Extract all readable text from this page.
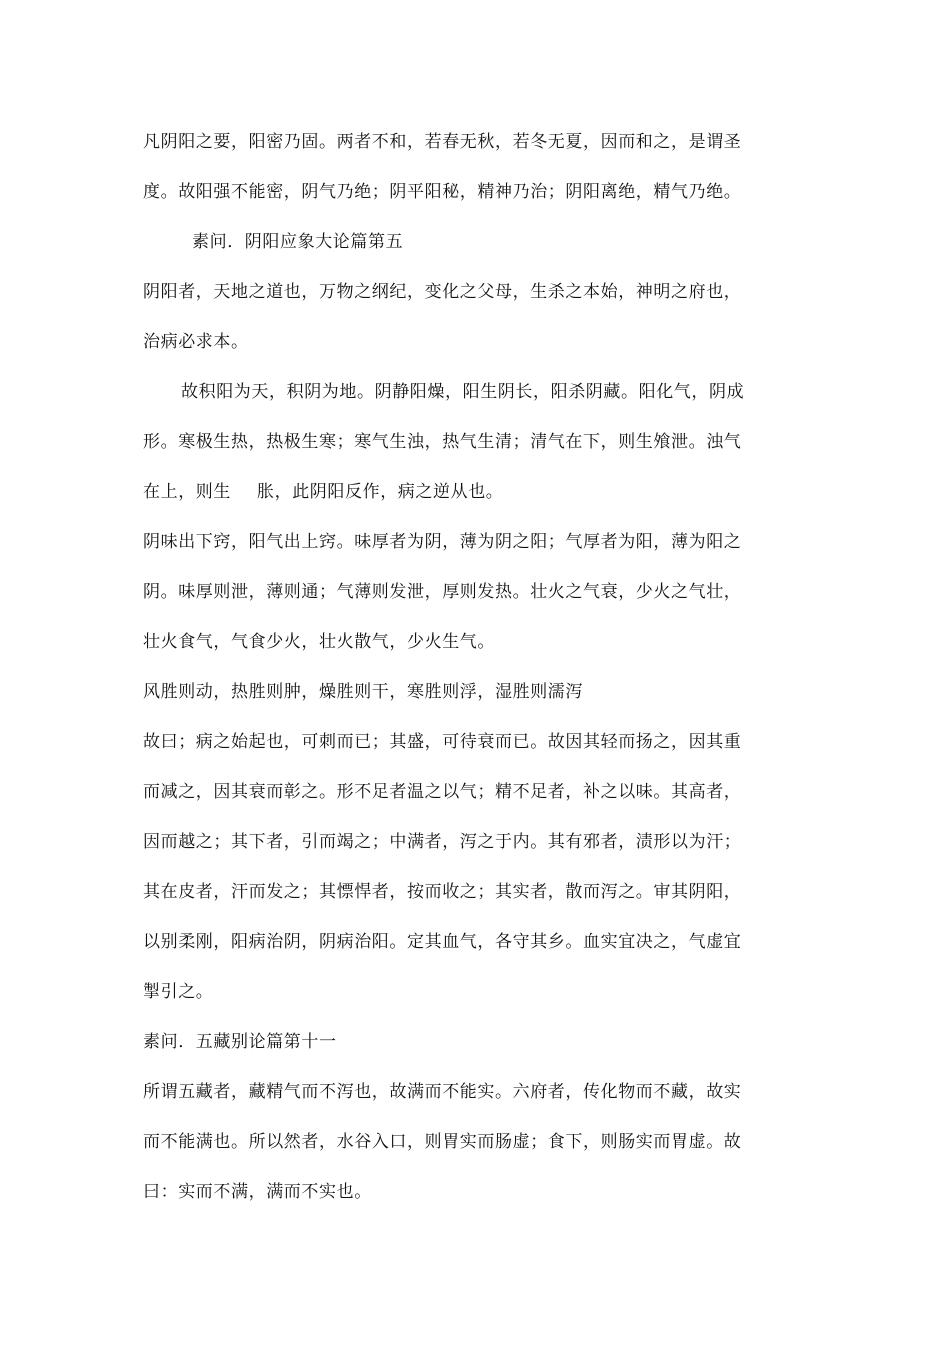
凡阴阳之要，阳密乃固。两者不和，若春无秋，若冬无夏，因而和之，是谓圣
度。故阳强不能密，阴气乃绝；阴平阳秘，精神乃治；阴阳离绝，精气乃绝。
素问．阴阳应象大论篇第五
阴阳者，天地之道也，万物之纲纪，变化之父母，生杀之本始，神明之府也，
治病必求本。
故积阳为天，积阴为地。阴静阳燥，阳生阴长，阳杀阴藏。阳化气，阴成
形。寒极生热，热极生寒；寒气生浊，热气生清；清气在下，则生飧泄。浊气
在上，则生 胀，此阴阳反作，病之逆从也。
阴味出下窍，阳气出上窍。味厚者为阴，薄为阴之阳；气厚者为阳，薄为阳之
阴。味厚则泄，薄则通；气薄则发泄，厚则发热。壮火之气衰，少火之气壮，
壮火食气，气食少火，壮火散气，少火生气。
风胜则动，热胜则肿，燥胜则干，寒胜则浮，湿胜则濡泻
故曰；病之始起也，可刺而已；其盛，可待衰而已。故因其轻而扬之，因其重
而减之，因其衰而彰之。形不足者温之以气；精不足者，补之以味。其高者，
因而越之；其下者，引而竭之；中满者，泻之于内。其有邪者，渍形以为汗；
其在皮者，汗而发之；其慓悍者，按而收之；其实者，散而泻之。审其阴阳，
以别柔刚，阳病治阴，阴病治阳。定其血气，各守其乡。血实宜决之，气虚宜
掣引之。
素问．五藏别论篇第十一
所谓五藏者，藏精气而不泻也，故满而不能实。六府者，传化物而不藏，故实
而不能满也。所以然者，水谷入口，则胃实而肠虚；食下，则肠实而胃虚。故
曰：实而不满，满而不实也。
